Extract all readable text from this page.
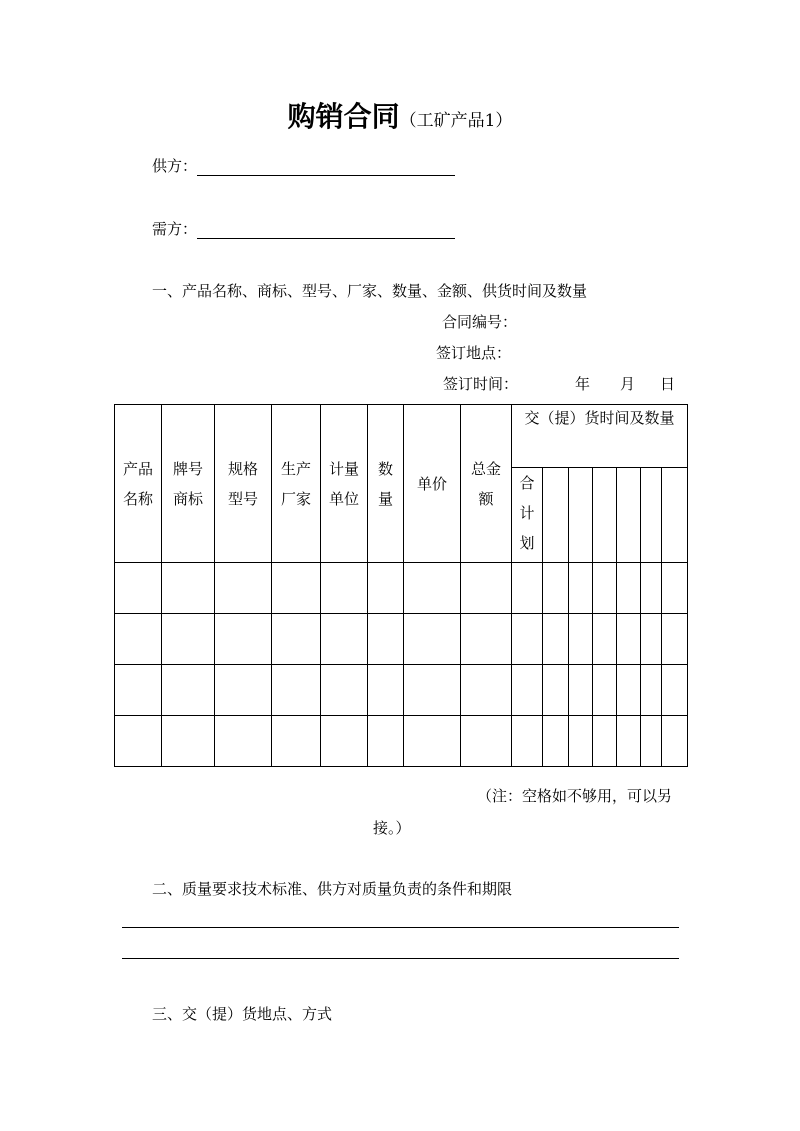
购销合同（工矿产品1）
供方：
需方：
一、产品名称、商标、型号、厂家、数量、金额、供货时间及数量
合同编号：
签订地点：
签订时间：	年 月 日
产品名称	牌号商标	规格型号	生产厂家	计量单位	数量	单价	总金额	交（提）货时间及数量						
								合计划						

（注：空格如不够用，可以另
接。）
二、质量要求技术标准、供方对质量负责的条件和期限
三、交（提）货地点、方式
